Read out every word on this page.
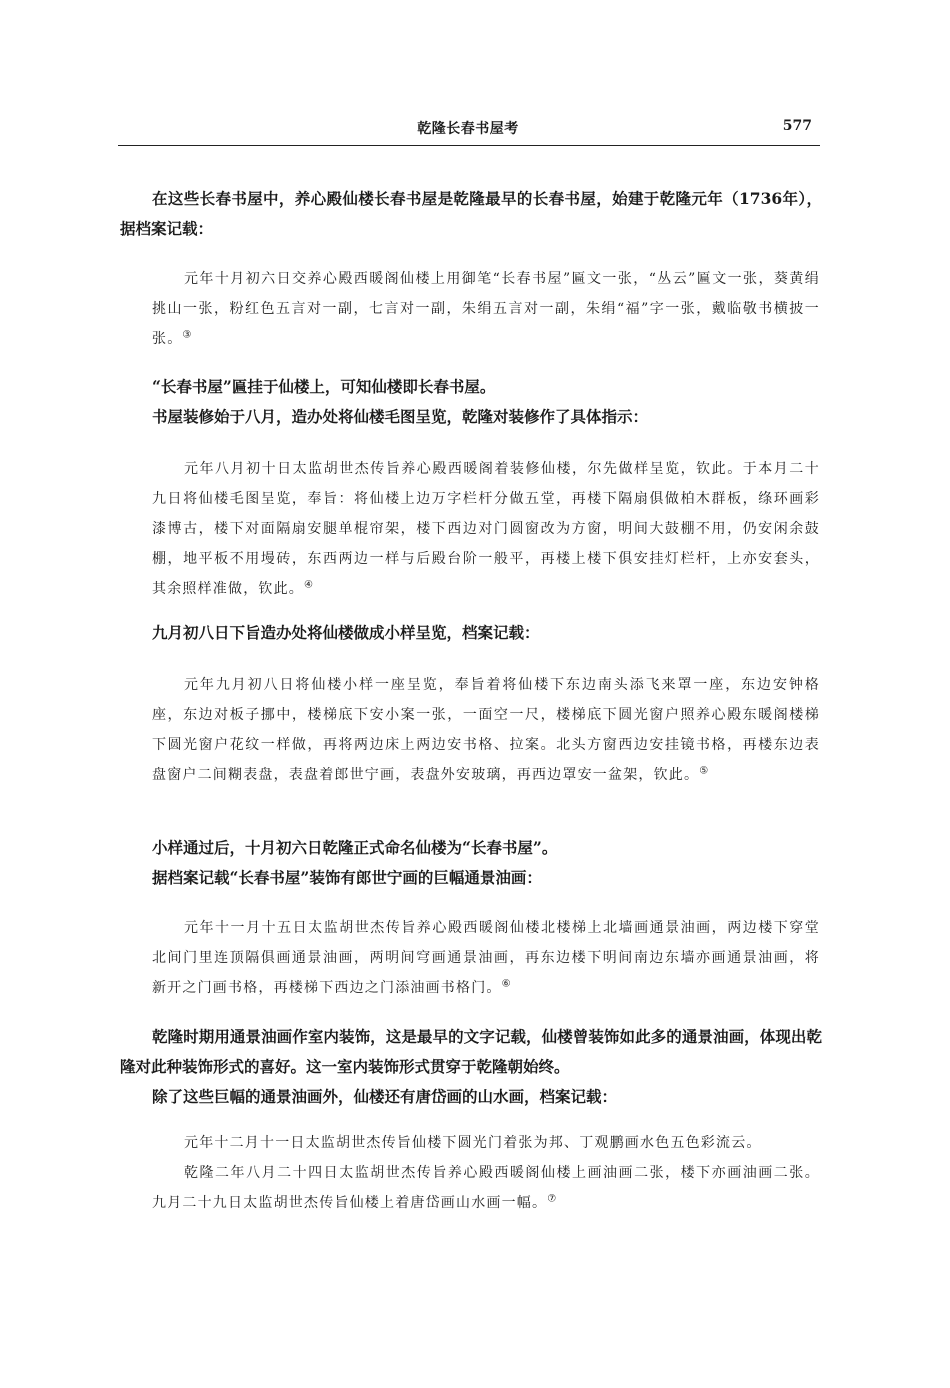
乾隆长春书屋考	577

在这些长春书屋中，养心殿仙楼长春书屋是乾隆最早的长春书屋，始建于乾隆元年（1736年），据档案记载：

元年十月初六日交养心殿西暖阁仙楼上用御笔“长春书屋”匾文一张，“丛云”匾文一张，葵黄绢挑山一张，粉红色五言对一副，七言对一副，朱绢五言对一副，朱绢“福”字一张，戴临敬书横披一张。③

“长春书屋”匾挂于仙楼上，可知仙楼即长春书屋。

书屋装修始于八月，造办处将仙楼毛图呈览，乾隆对装修作了具体指示：

元年八月初十日太监胡世杰传旨养心殿西暖阁着装修仙楼，尔先做样呈览，钦此。于本月二十九日将仙楼毛图呈览，奉旨：将仙楼上边万字栏杆分做五堂，再楼下隔扇俱做柏木群板，绦环画彩漆博古，楼下对面隔扇安腿单棍帘架，楼下西边对门圆窗改为方窗，明间大鼓棚不用，仍安闲余鼓棚，地平板不用墁砖，东西两边一样与后殿台阶一般平，再楼上楼下俱安挂灯栏杆，上亦安套头，其余照样准做，钦此。④

九月初八日下旨造办处将仙楼做成小样呈览，档案记载：

元年九月初八日将仙楼小样一座呈览，奉旨着将仙楼下东边南头添飞来罩一座，东边安钟格座，东边对板子挪中，楼梯底下安小案一张，一面空一尺，楼梯底下圆光窗户照养心殿东暖阁楼梯下圆光窗户花纹一样做，再将两边床上两边安书格、拉案。北头方窗西边安挂镜书格，再楼东边表盘窗户二间糊表盘，表盘着郎世宁画，表盘外安玻璃，再西边罩安一盆架，钦此。⑤

小样通过后，十月初六日乾隆正式命名仙楼为“长春书屋”。

据档案记载“长春书屋”装饰有郎世宁画的巨幅通景油画：

元年十一月十五日太监胡世杰传旨养心殿西暖阁仙楼北楼梯上北墙画通景油画，两边楼下穿堂北间门里连顶隔俱画通景油画，两明间穹画通景油画，再东边楼下明间南边东墙亦画通景油画，将新开之门画书格，再楼梯下西边之门添油画书格门。⑥

乾隆时期用通景油画作室内装饰，这是最早的文字记载，仙楼曾装饰如此多的通景油画，体现出乾隆对此种装饰形式的喜好。这一室内装饰形式贯穿于乾隆朝始终。

除了这些巨幅的通景油画外，仙楼还有唐岱画的山水画，档案记载：

元年十二月十一日太监胡世杰传旨仙楼下圆光门着张为邦、丁观鹏画水色五色彩流云。

乾隆二年八月二十四日太监胡世杰传旨养心殿西暖阁仙楼上画油画二张，楼下亦画油画二张。九月二十九日太监胡世杰传旨仙楼上着唐岱画山水画一幅。⑦
